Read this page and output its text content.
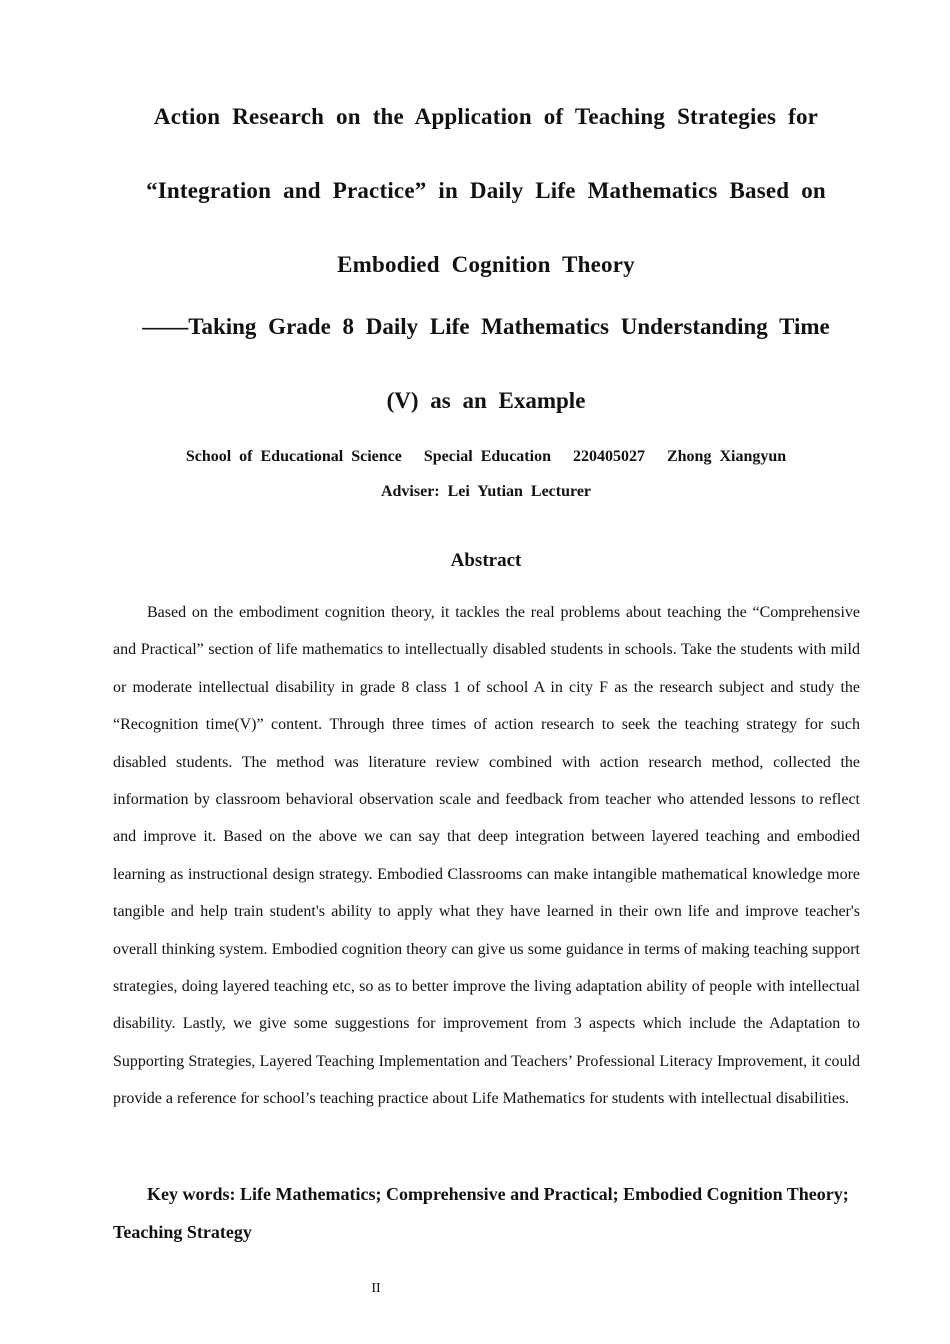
Action Research on the Application of Teaching Strategies for
“Integration and Practice” in Daily Life Mathematics Based on
Embodied Cognition Theory
——Taking Grade 8 Daily Life Mathematics Understanding Time
(V) as an Example
School of Educational Science Special Education 220405027 Zhong Xiangyun
Adviser: Lei Yutian Lecturer
Abstract

Based on the embodiment cognition theory, it tackles the real problems about teaching the “Comprehensive and Practical” section of life mathematics to intellectually disabled students in schools. Take the students with mild or moderate intellectual disability in grade 8 class 1 of school A in city F as the research subject and study the “Recognition time(V)” content. Through three times of action research to seek the teaching strategy for such disabled students. The method was literature review combined with action research method, collected the information by classroom behavioral observation scale and feedback from teacher who attended lessons to reflect and improve it. Based on the above we can say that deep integration between layered teaching and embodied learning as instructional design strategy. Embodied Classrooms can make intangible mathematical knowledge more tangible and help train student's ability to apply what they have learned in their own life and improve teacher's overall thinking system. Embodied cognition theory can give us some guidance in terms of making teaching support strategies, doing layered teaching etc, so as to better improve the living adaptation ability of people with intellectual disability. Lastly, we give some suggestions for improvement from 3 aspects which include the Adaptation to Supporting Strategies, Layered Teaching Implementation and Teachers’ Professional Literacy Improvement, it could provide a reference for school’s teaching practice about Life Mathematics for students with intellectual disabilities.

Key words: Life Mathematics; Comprehensive and Practical; Embodied Cognition Theory; Teaching Strategy

II
